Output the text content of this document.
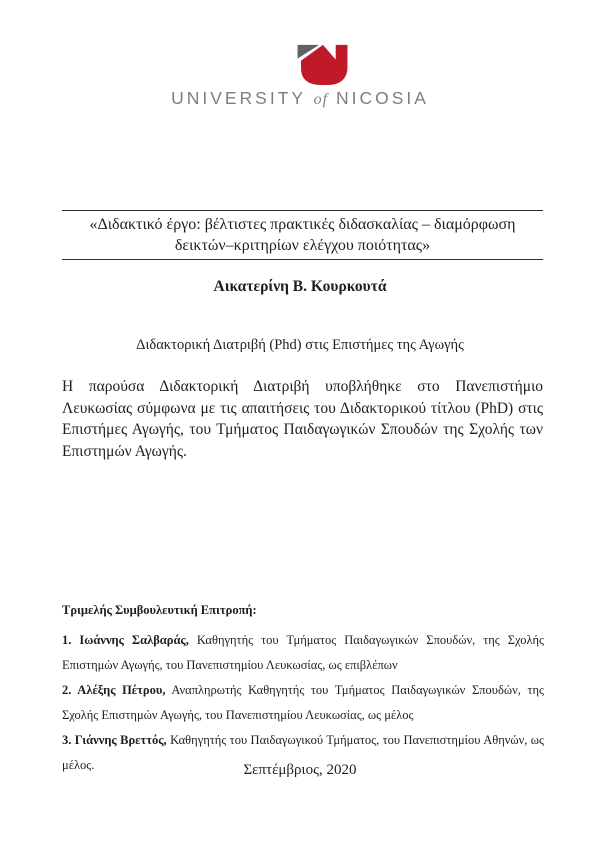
UNIVERSITY of NICOSIA
«Διδακτικό έργο: βέλτιστες πρακτικές διδασκαλίας – διαμόρφωση
δεικτών–κριτηρίων ελέγχου ποιότητας»
Αικατερίνη Β. Κουρκουτά
Διδακτορική Διατριβή (Phd) στις Επιστήμες της Αγωγής
Η παρούσα Διδακτορική Διατριβή υποβλήθηκε στο Πανεπιστήμιο Λευκωσίας σύμφωνα με τις απαιτήσεις του Διδακτορικού τίτλου (PhD) στις Επιστήμες Αγωγής, του Τμήματος Παιδαγωγικών Σπουδών της Σχολής των Επιστημών Αγωγής.

Τριμελής Συμβουλευτική Επιτροπή:

1. Ιωάννης Σαλβαράς, Καθηγητής του Τμήματος Παιδαγωγικών Σπουδών, της Σχολής Επιστημών Αγωγής, του Πανεπιστημίου Λευκωσίας, ως επιβλέπων

2. Αλέξης Πέτρου, Αναπληρωτής Καθηγητής του Τμήματος Παιδαγωγικών Σπουδών, της Σχολής Επιστημών Αγωγής, του Πανεπιστημίου Λευκωσίας, ως μέλος

3. Γιάννης Βρεττός, Καθηγητής του Παιδαγωγικού Τμήματος, του Πανεπιστημίου Αθηνών, ως μέλος.	Σεπτέμβριος, 2020
